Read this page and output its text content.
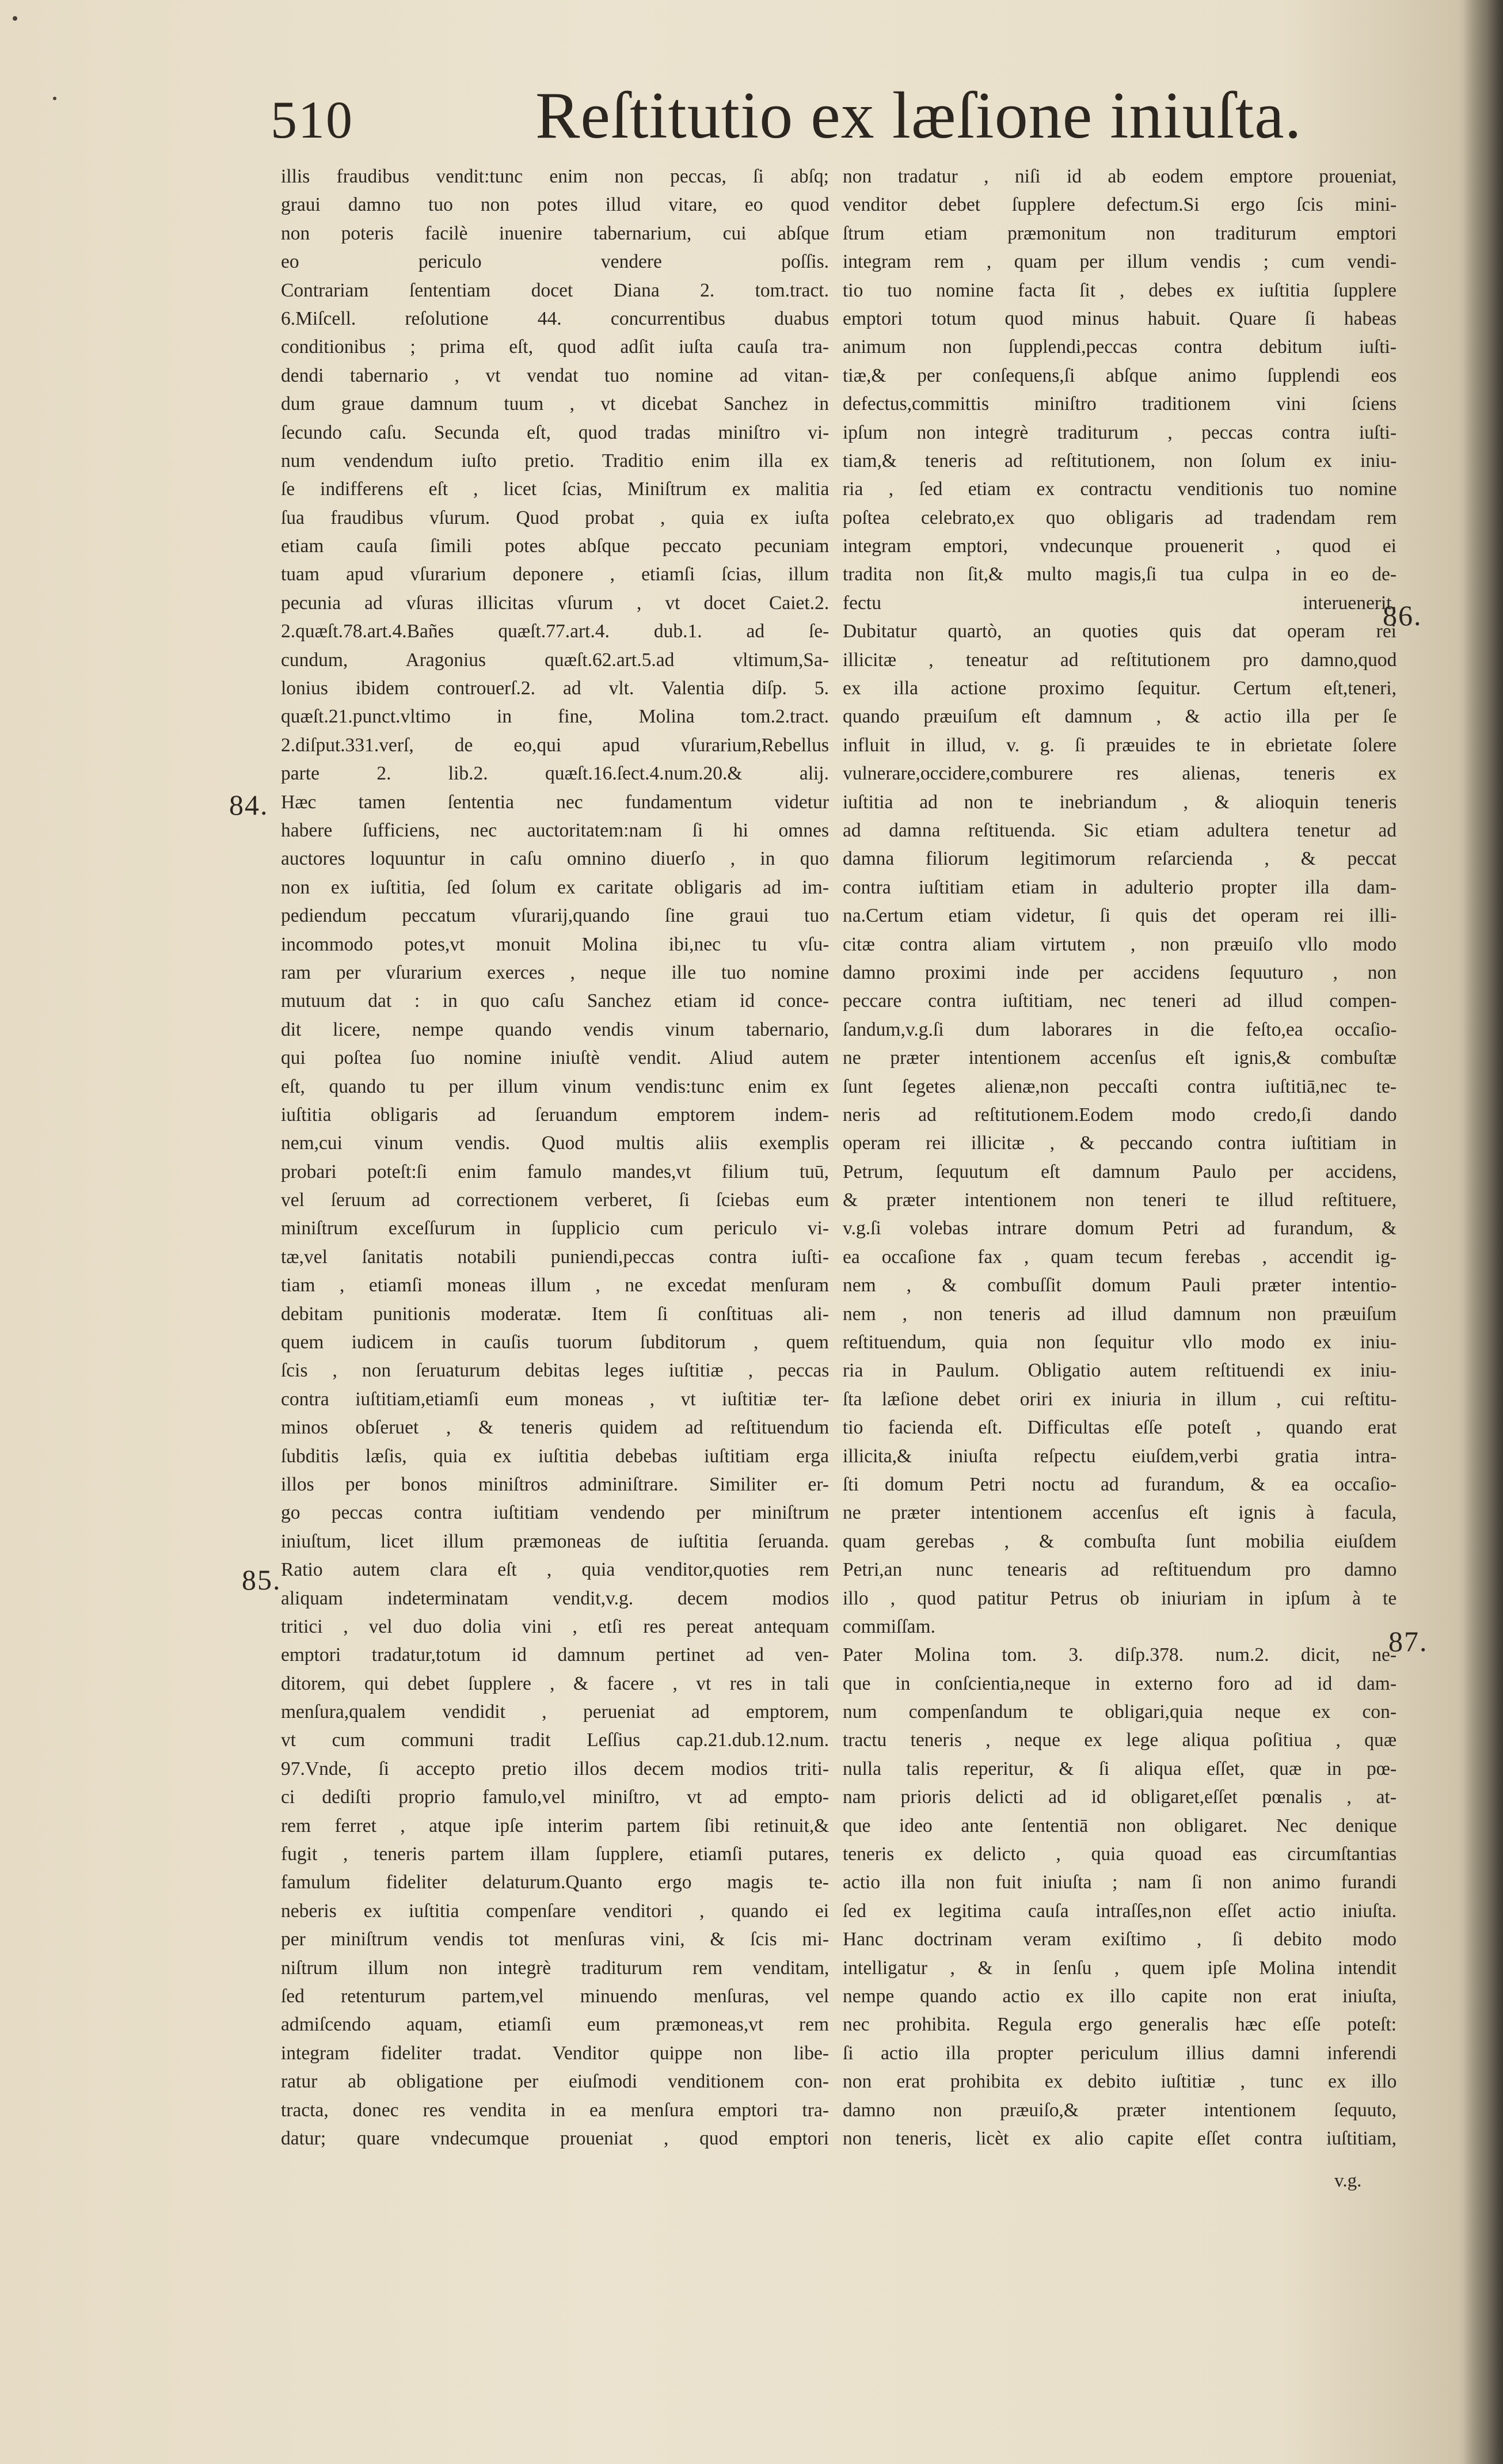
510	Reſtitutio ex læſione iniuſta.
illis fraudibus vendit:tunc enim non peccas, ſi abſq;
graui damno tuo non potes illud vitare, eo quod
non poteris facilè inuenire tabernarium, cui abſque
eo periculo vendere poſſis.
Contrariam ſententiam docet Diana 2. tom.tract.
6.Miſcell. reſolutione 44. concurrentibus duabus
conditionibus ; prima eſt, quod adſit iuſta cauſa tra-
dendi tabernario , vt vendat tuo nomine ad vitan-
dum graue damnum tuum , vt dicebat Sanchez in
ſecundo caſu. Secunda eſt, quod tradas miniſtro vi-
num vendendum iuſto pretio. Traditio enim illa ex
ſe indifferens eſt , licet ſcias, Miniſtrum ex malitia
ſua fraudibus vſurum. Quod probat , quia ex iuſta
etiam cauſa ſimili potes abſque peccato pecuniam
tuam apud vſurarium deponere , etiamſi ſcias, illum
pecunia ad vſuras illicitas vſurum , vt docet Caiet.2.
2.quæſt.78.art.4.Bañes quæſt.77.art.4. dub.1. ad ſe-
cundum, Aragonius quæſt.62.art.5.ad vltimum,Sa-
lonius ibidem controuerſ.2. ad vlt. Valentia diſp. 5.
quæſt.21.punct.vltimo in fine, Molina tom.2.tract.
2.diſput.331.verſ, de eo,qui apud vſurarium,Rebellus
parte 2. lib.2. quæſt.16.ſect.4.num.20.& alij.
Hæc tamen ſententia nec fundamentum videtur
habere ſufficiens, nec auctoritatem:nam ſi hi omnes
auctores loquuntur in caſu omnino diuerſo , in quo
non ex iuſtitia, ſed ſolum ex caritate obligaris ad im-
pediendum peccatum vſurarij,quando ſine graui tuo
incommodo potes,vt monuit Molina ibi,nec tu vſu-
ram per vſurarium exerces , neque ille tuo nomine
mutuum dat : in quo caſu Sanchez etiam id conce-
dit licere, nempe quando vendis vinum tabernario,
qui poſtea ſuo nomine iniuſtè vendit. Aliud autem
eſt, quando tu per illum vinum vendis:tunc enim ex
iuſtitia obligaris ad ſeruandum emptorem indem-
nem,cui vinum vendis. Quod multis aliis exemplis
probari poteſt:ſi enim famulo mandes,vt filium tuū,
vel ſeruum ad correctionem verberet, ſi ſciebas eum
miniſtrum exceſſurum in ſupplicio cum periculo vi-
tæ,vel ſanitatis notabili puniendi,peccas contra iuſti-
tiam , etiamſi moneas illum , ne excedat menſuram
debitam punitionis moderatæ. Item ſi conſtituas ali-
quem iudicem in cauſis tuorum ſubditorum , quem
ſcis , non ſeruaturum debitas leges iuſtitiæ , peccas
contra iuſtitiam,etiamſi eum moneas , vt iuſtitiæ ter-
minos obſeruet , & teneris quidem ad reſtituendum
ſubditis læſis, quia ex iuſtitia debebas iuſtitiam erga
illos per bonos miniſtros adminiſtrare. Similiter er-
go peccas contra iuſtitiam vendendo per miniſtrum
iniuſtum, licet illum præmoneas de iuſtitia ſeruanda.
Ratio autem clara eſt , quia venditor,quoties rem
aliquam indeterminatam vendit,v.g. decem modios
tritici , vel duo dolia vini , etſi res pereat antequam
emptori tradatur,totum id damnum pertinet ad ven-
ditorem, qui debet ſupplere , & facere , vt res in tali
menſura,qualem vendidit , perueniat ad emptorem,
vt cum communi tradit Leſſius cap.21.dub.12.num.
97.Vnde, ſi accepto pretio illos decem modios triti-
ci dediſti proprio famulo,vel miniſtro, vt ad empto-
rem ferret , atque ipſe interim partem ſibi retinuit,&
fugit , teneris partem illam ſupplere, etiamſi putares,
famulum fideliter delaturum.Quanto ergo magis te-
neberis ex iuſtitia compenſare venditori , quando ei
per miniſtrum vendis tot menſuras vini, & ſcis mi-
niſtrum illum non integrè traditurum rem venditam,
ſed retenturum partem,vel minuendo menſuras, vel
admiſcendo aquam, etiamſi eum præmoneas,vt rem
integram fideliter tradat. Venditor quippe non libe-
ratur ab obligatione per eiuſmodi venditionem con-
tracta, donec res vendita in ea menſura emptori tra-
datur; quare vndecumque proueniat , quod emptori
non tradatur , niſi id ab eodem emptore proueniat,
venditor debet ſupplere defectum.Si ergo ſcis mini-
ſtrum etiam præmonitum non traditurum emptori
integram rem , quam per illum vendis ; cum vendi-
tio tuo nomine facta ſit , debes ex iuſtitia ſupplere
emptori totum quod minus habuit. Quare ſi habeas
animum non ſupplendi,peccas contra debitum iuſti-
tiæ,& per conſequens,ſi abſque animo ſupplendi eos
defectus,committis miniſtro traditionem vini ſciens
ipſum non integrè traditurum , peccas contra iuſti-
tiam,& teneris ad reſtitutionem, non ſolum ex iniu-
ria , ſed etiam ex contractu venditionis tuo nomine
poſtea celebrato,ex quo obligaris ad tradendam rem
integram emptori, vndecunque prouenerit , quod ei
tradita non ſit,& multo magis,ſi tua culpa in eo de-
fectu interuenerit.
Dubitatur quartò, an quoties quis dat operam rei
illicitæ , teneatur ad reſtitutionem pro damno,quod
ex illa actione proximo ſequitur. Certum eſt,teneri,
quando præuiſum eſt damnum , & actio illa per ſe
influit in illud, v. g. ſi præuides te in ebrietate ſolere
vulnerare,occidere,comburere res alienas, teneris ex
iuſtitia ad non te inebriandum , & alioquin teneris
ad damna reſtituenda. Sic etiam adultera tenetur ad
damna filiorum legitimorum reſarcienda , & peccat
contra iuſtitiam etiam in adulterio propter illa dam-
na.Certum etiam videtur, ſi quis det operam rei illi-
citæ contra aliam virtutem , non præuiſo vllo modo
damno proximi inde per accidens ſequuturo , non
peccare contra iuſtitiam, nec teneri ad illud compen-
ſandum,v.g.ſi dum laborares in die feſto,ea occaſio-
ne præter intentionem accenſus eſt ignis,& combuſtæ
ſunt ſegetes alienæ,non peccaſti contra iuſtitiā,nec te-
neris ad reſtitutionem.Eodem modo credo,ſi dando
operam rei illicitæ , & peccando contra iuſtitiam in
Petrum, ſequutum eſt damnum Paulo per accidens,
& præter intentionem non teneri te illud reſtituere,
v.g.ſi volebas intrare domum Petri ad furandum, &
ea occaſione fax , quam tecum ferebas , accendit ig-
nem , & combuſſit domum Pauli præter intentio-
nem , non teneris ad illud damnum non præuiſum
reſtituendum, quia non ſequitur vllo modo ex iniu-
ria in Paulum. Obligatio autem reſtituendi ex iniu-
ſta læſione debet oriri ex iniuria in illum , cui reſtitu-
tio facienda eſt. Difficultas eſſe poteſt , quando erat
illicita,& iniuſta reſpectu eiuſdem,verbi gratia intra-
ſti domum Petri noctu ad furandum, & ea occaſio-
ne præter intentionem accenſus eſt ignis à facula,
quam gerebas , & combuſta ſunt mobilia eiuſdem
Petri,an nunc tenearis ad reſtituendum pro damno
illo , quod patitur Petrus ob iniuriam in ipſum à te
commiſſam.
Pater Molina tom. 3. diſp.378. num.2. dicit, ne-
que in conſcientia,neque in externo foro ad id dam-
num compenſandum te obligari,quia neque ex con-
tractu teneris , neque ex lege aliqua poſitiua , quæ
nulla talis reperitur, & ſi aliqua eſſet, quæ in pœ-
nam prioris delicti ad id obligaret,eſſet pœnalis , at-
que ideo ante ſententiā non obligaret. Nec denique
teneris ex delicto , quia quoad eas circumſtantias
actio illa non fuit iniuſta ; nam ſi non animo furandi
ſed ex legitima cauſa intraſſes,non eſſet actio iniuſta.
Hanc doctrinam veram exiſtimo , ſi debito modo
intelligatur , & in ſenſu , quem ipſe Molina intendit
nempe quando actio ex illo capite non erat iniuſta,
nec prohibita. Regula ergo generalis hæc eſſe poteſt:
ſi actio illa propter periculum illius damni inferendi
non erat prohibita ex debito iuſtitiæ , tunc ex illo
damno non præuiſo,& præter intentionem ſequuto,
non teneris, licèt ex alio capite eſſet contra iuſtitiam,
84.
85.
86.
87.
v.g.
